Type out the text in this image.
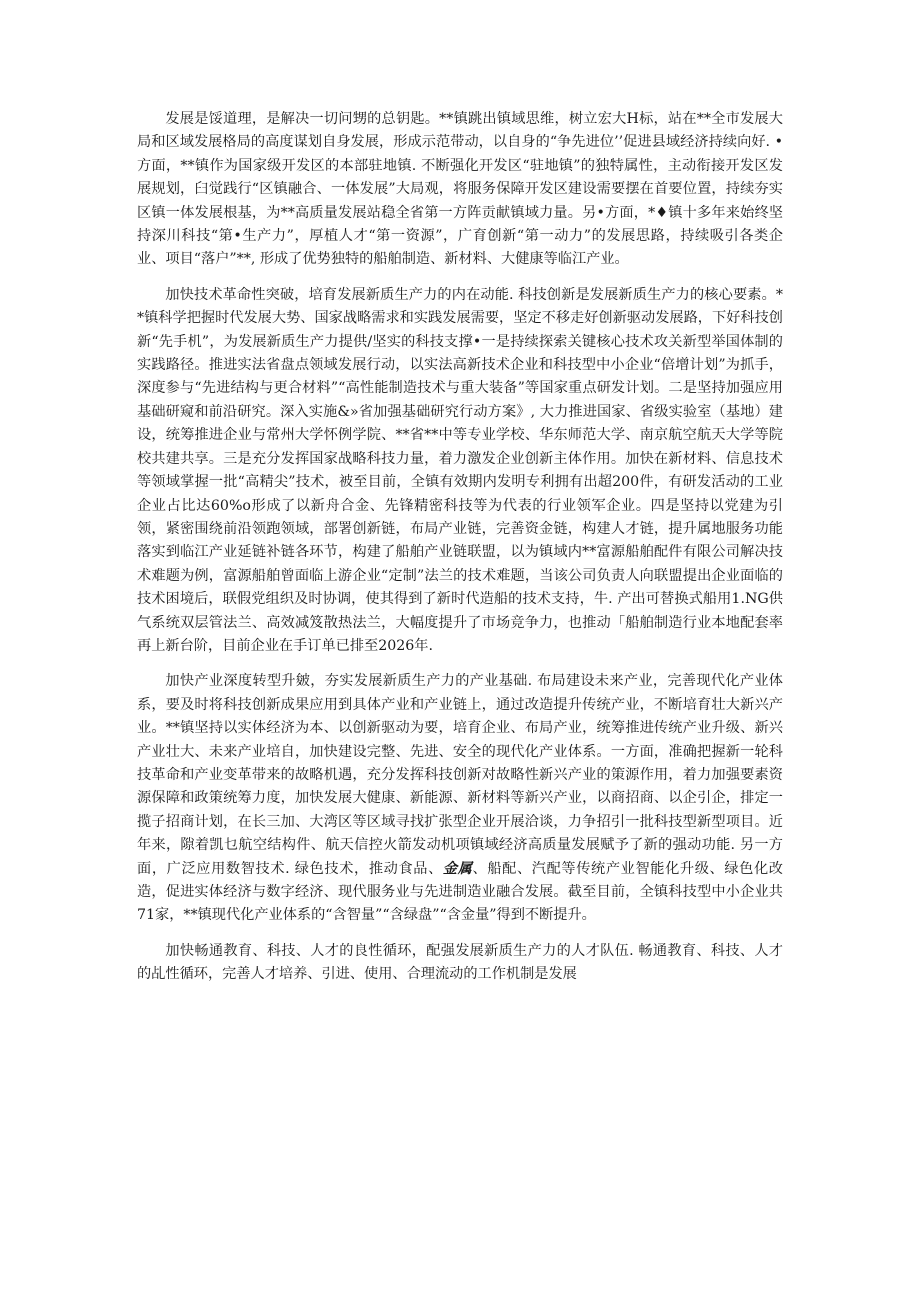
发展是馁道理，是解决一切问甥的总钥匙。**镇跳出镇域思维，树立宏大H标，站在**全市发展大局和区域发展格局的高度谋划自身发展，形成示范带动，以自身的“争先进位’’促进县域经济持续向好. •方面，**镇作为国家级开发区的本部驻地镇. 不断强化开发区“驻地镇”的独特属性，主动衔接开发区发展规划，臼觉践行“区镇融合、一体发展”大局观，将服务保障开发区建设需要摆在首要位置，持续夯实区镇一体发展根基，为**高质量发展站稳全省第一方阵贡献镇域力量。另•方面，*♦镇十多年来始终坚持深川科技“第•生产力”，厚植人才“第一资源”，广育创新“第一动力”的发展思路，持续吸引各类企业、项目“落户”**, 形成了优势独特的船舶制造、新材料、大健康等临江产业。

加快技术革命性突破，培育发展新质生产力的内在动能. 科技创新是发展新质生产力的核心要素。**镇科学把握时代发展大势、国家战略需求和实践发展需要，坚定不移走好创新驱动发展路，下好科技创新“先手机”，为发展新质生产力提供/坚实的科技支撑•一是持续探索关键核心技术攻关新型举国体制的实践路径。推进实法省盘点领域发展行动，以实法高新技术企业和科技型中小企业“倍增计划”为抓手，深度参与“先进结构与更合材料”“高性能制造技术与重大装备”等国家重点研发计划。二是坚持加强应用基础研窥和前沿研究。深入实施&»省加强基础研究行动方案》, 大力推进国家、省级实验室（基地）建设，统筹推进企业与常州大学怀例学院、**省**中等专业学校、华东师范大学、南京航空航天大学等院校共建共享。三是充分发挥国家战略科技力量，着力激发企业创新主体作用。加快在新材料、信息技术等领域掌握一批“高精尖”技术，被至目前，全镇有效期内发明专利拥有出超200件，有研发活动的工业企业占比达60%o形成了以新舟合金、先锋精密科技等为代表的行业领军企业。四是坚持以党建为引领，紧密围绕前沿领跑领域，部署创新链，布局产业链，完善资金链，构建人才链，提升属地服务功能落实到临江产业延链补链各环节，构建了船舶产业链联盟，以为镇域内**富源船舶配件有限公司解决技术难题为例，富源船舶曾面临上游企业“定制”法兰的技术难题，当该公司负责人向联盟提出企业面临的技术困境后，联假党组织及时协调，使其得到了新时代造船的技术支持，牛. 产出可替换式船用1.NG供气系统双层管法兰、高效减笈散热法兰，大幅度提升了市场竞争力，也推动「船舶制造行业本地配套率再上新台阶，目前企业在手订单已排至2026年.

加快产业深度转型升皴，夯实发展新质生产力的产业基础. 布局建设未来产业，完善现代化产业体系，要及时将科技创新成果应用到具体产业和产业链上，通过改造提升传统产业，不断培育壮大新兴产业。**镇坚持以实体经济为本、以创新驱动为要，培育企业、布局产业，统筹推进传统产业升级、新兴产业壮大、未来产业培自，加快建设完整、先进、安全的现代化产业体系。一方面，准确把握新一轮科技革命和产业变革带来的故略机遇，充分发挥科技创新对故略性新兴产业的策源作用，着力加强要素资源保障和政策统筹力度，加快发展大健康、新能源、新材料等新兴产业，以商招商、以企引企，排定一揽子招商计划，在长三加、大湾区等区域寻找扩张型企业开展洽谈，力争招引一批科技型新型项目。近年来，隙着凯乜航空结构件、航天信控火箭发动机项镇域经济高质量发展赋予了新的强动功能. 另一方面，广泛应用数智技术. 绿色技术，推动食品、金属、船配、汽配等传统产业智能化升级、绿色化改造，促进实体经济与数字经济、现代服务业与先进制造业融合发展。截至目前，全镇科技型中小企业共71家，**镇现代化产业体系的“含智量”“含绿盘”“含金量”得到不断提升。

加快畅通教育、科技、人才的良性循环，配强发展新质生产力的人才队伍. 畅通教育、科技、人才的乩性循环，完善人才培养、引进、使用、合理流动的工作机制是发展
